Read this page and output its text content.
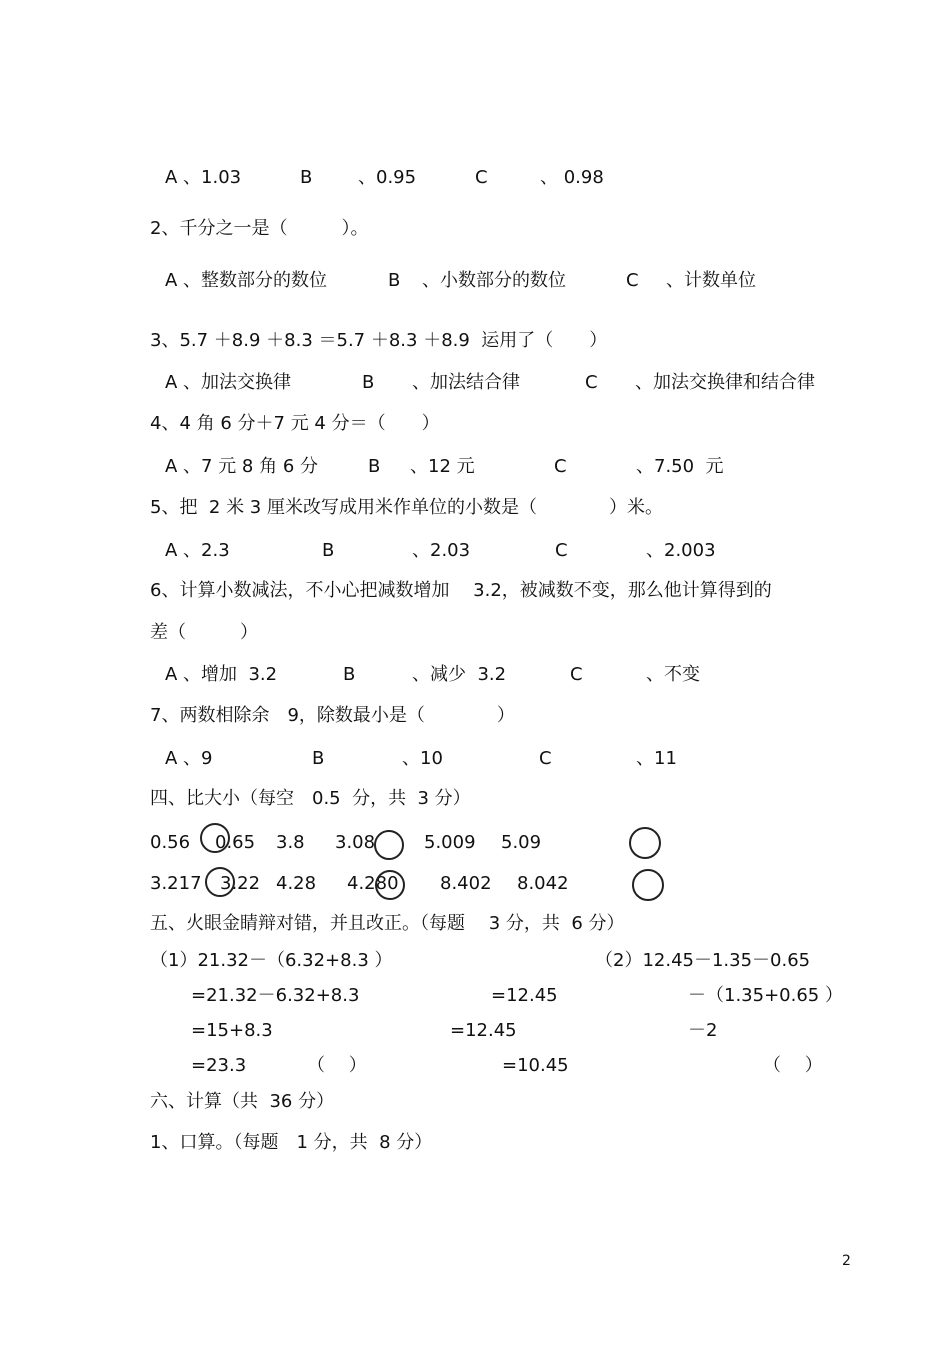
A 、1.03	B	、0.95	C	、 0.98
2、千分之一是（　　　）。
A 、整数部分的数位	B 、小数部分的数位	C 、计数单位
3、5.7 ＋8.9 ＋8.3 ＝5.7 ＋8.3 ＋8.9  运用了（　　）
A 、加法交换律	B 、加法结合律	C 、加法交换律和结合律
4、4 角 6 分＋7 元 4 分＝（　　）
A 、7 元 8 角 6 分	B 、12 元	C	、7.50  元
5、把  2 米 3 厘米改写成用米作单位的小数是（　　　　）米。
A 、2.3	B	、2.03	C	、2.003
6、计算小数减法，不小心把减数增加　 3.2，被减数不变，那么他计算得到的
差（　　　）
A 、增加  3.2	B	、减少  3.2	C	、不变
7、两数相除余　9，除数最小是（　　　　）
A 、9	B	、10	C	、11
四、比大小（每空　0.5  分，共  3 分）
0.56 0.65 3.8 3.08	5.009 5.09
3.217 3.22 4.28 4.280 8.402 8.042
五、火眼金睛辩对错，并且改正。（每题　 3 分，共  6 分）
（1）21.32－（6.32+8.3 ）
=21.32－6.32+8.3
=15+8.3
=23.3	（　 ）
（2）12.45－1.35－0.65
=12.45	－（1.35+0.65 ）
=12.45	－2
=10.45	（　 ）
六、计算（共  36 分）
1、口算。（每题　1 分，共  8 分）
2
